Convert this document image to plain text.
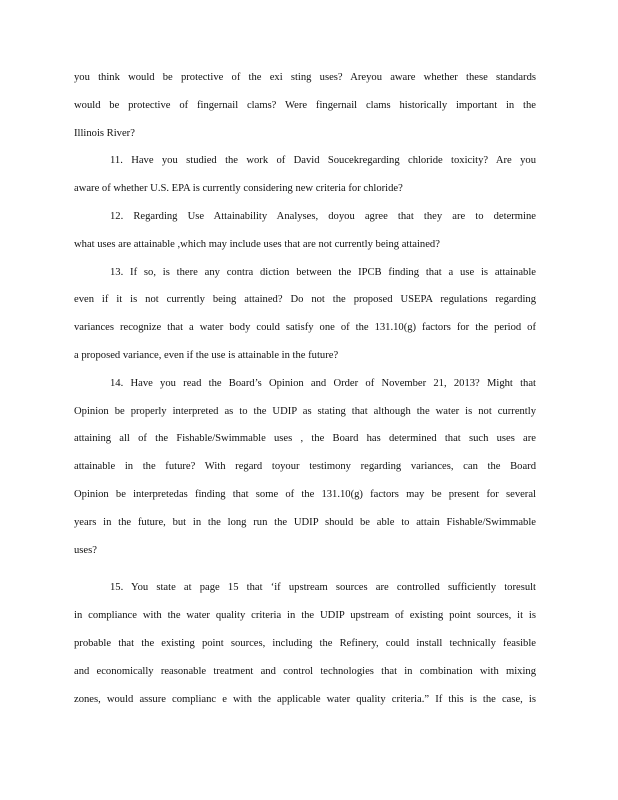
you think would be protective of the exi sting uses? Areyou aware whether these standards
would be protective of fingernail clams? Were fingernail clams historically important in the
Illinois River?
11. Have you studied the work of David Soucekregarding chloride toxicity? Are you
aware of whether U.S. EPA is currently considering new criteria for chloride?
12. Regarding Use Attainability Analyses, doyou agree that they are to determine
what uses are attainable ,which may include uses that are not currently being attained?
13. If so, is there any contra diction between the IPCB finding that a use is attainable
even if it is not currently being attained? Do not the proposed USEPA regulations regarding
variances recognize that a water body could satisfy one of the 131.10(g) factors for the period of
a proposed variance, even if the use is attainable in the future?
14. Have you read the Board’s Opinion and Order of November 21, 2013? Might that
Opinion be properly interpreted as to the UDIP as stating that although the water is not currently
attaining all of the Fishable/Swimmable uses , the Board has determined that such uses are
attainable in the future? With regard toyour testimony regarding variances, can the Board
Opinion be interpretedas finding that some of the 131.10(g) factors may be present for several
years in the future, but in the long run the UDIP should be able to attain Fishable/Swimmable
uses?
15. You state at page 15 that ‘if upstream sources are controlled sufficiently toresult
in compliance with the water quality criteria in the UDIP upstream of existing point sources, it is
probable that the existing point sources, including the Refinery, could install technically feasible
and economically reasonable treatment and control technologies that in combination with mixing
zones, would assure complianc e with the applicable water quality criteria.” If this is the case, is
